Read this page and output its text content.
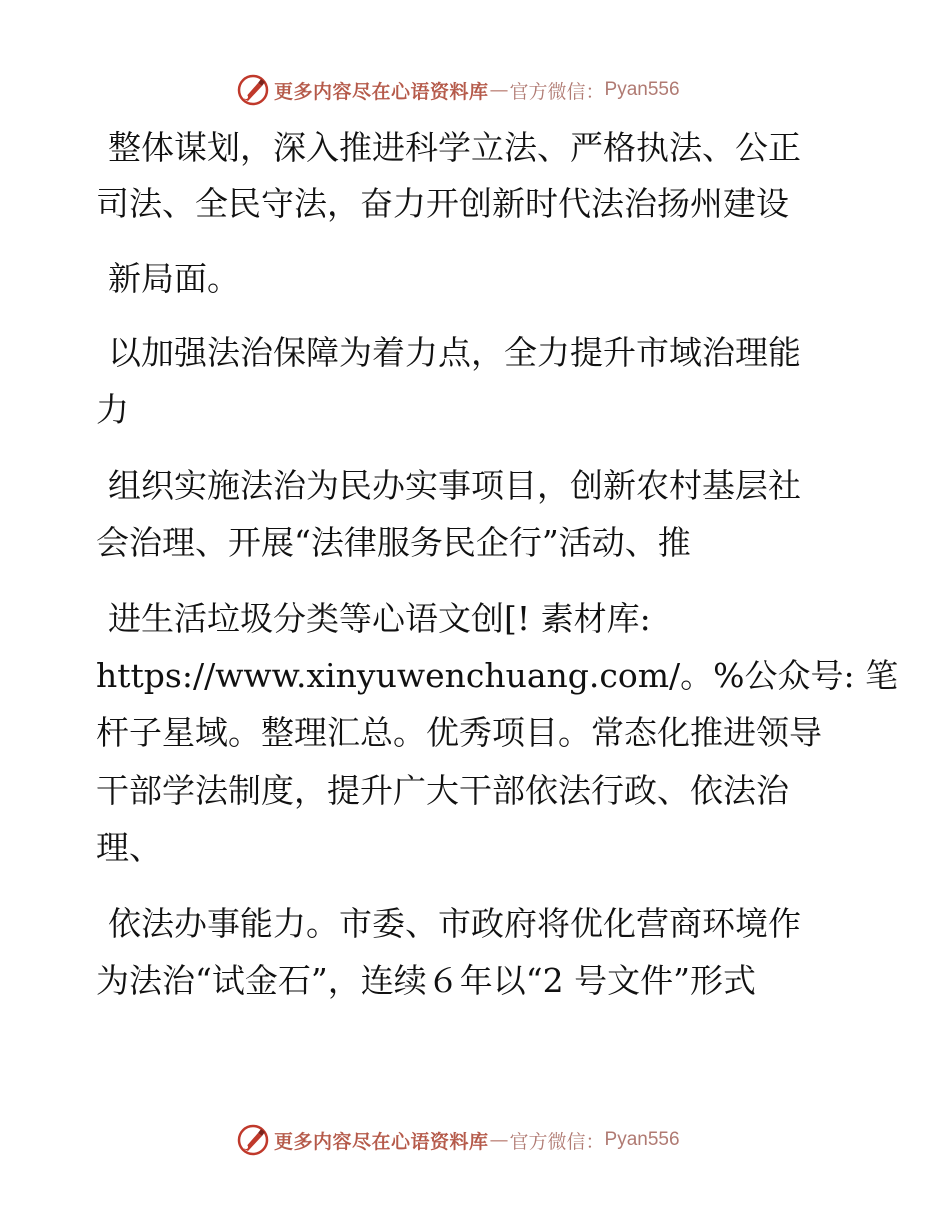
更多内容尽在心语资料库 — 官方微信： Pyan556
整体谋划，深入推进科学立法、严格执法、公正
司法、全民守法，奋力开创新时代法治扬州建设
新局面。
以加强法治保障为着力点，全力提升市域治理能
力
组织实施法治为民办实事项目，创新农村基层社
会治理、开展“法律服务民企行”活动、推
进生活垃圾分类等心语文创[! 素材库:
https://www.xinyuwenchuang.com/。%公众号: 笔
杆子星域。整理汇总。优秀项目。常态化推进领导
干部学法制度，提升广大干部依法行政、依法治
理、
依法办事能力。市委、市政府将优化营商环境作
为法治“试金石”，连续６年以“2 号文件”形式
更多内容尽在心语资料库 — 官方微信： Pyan556
